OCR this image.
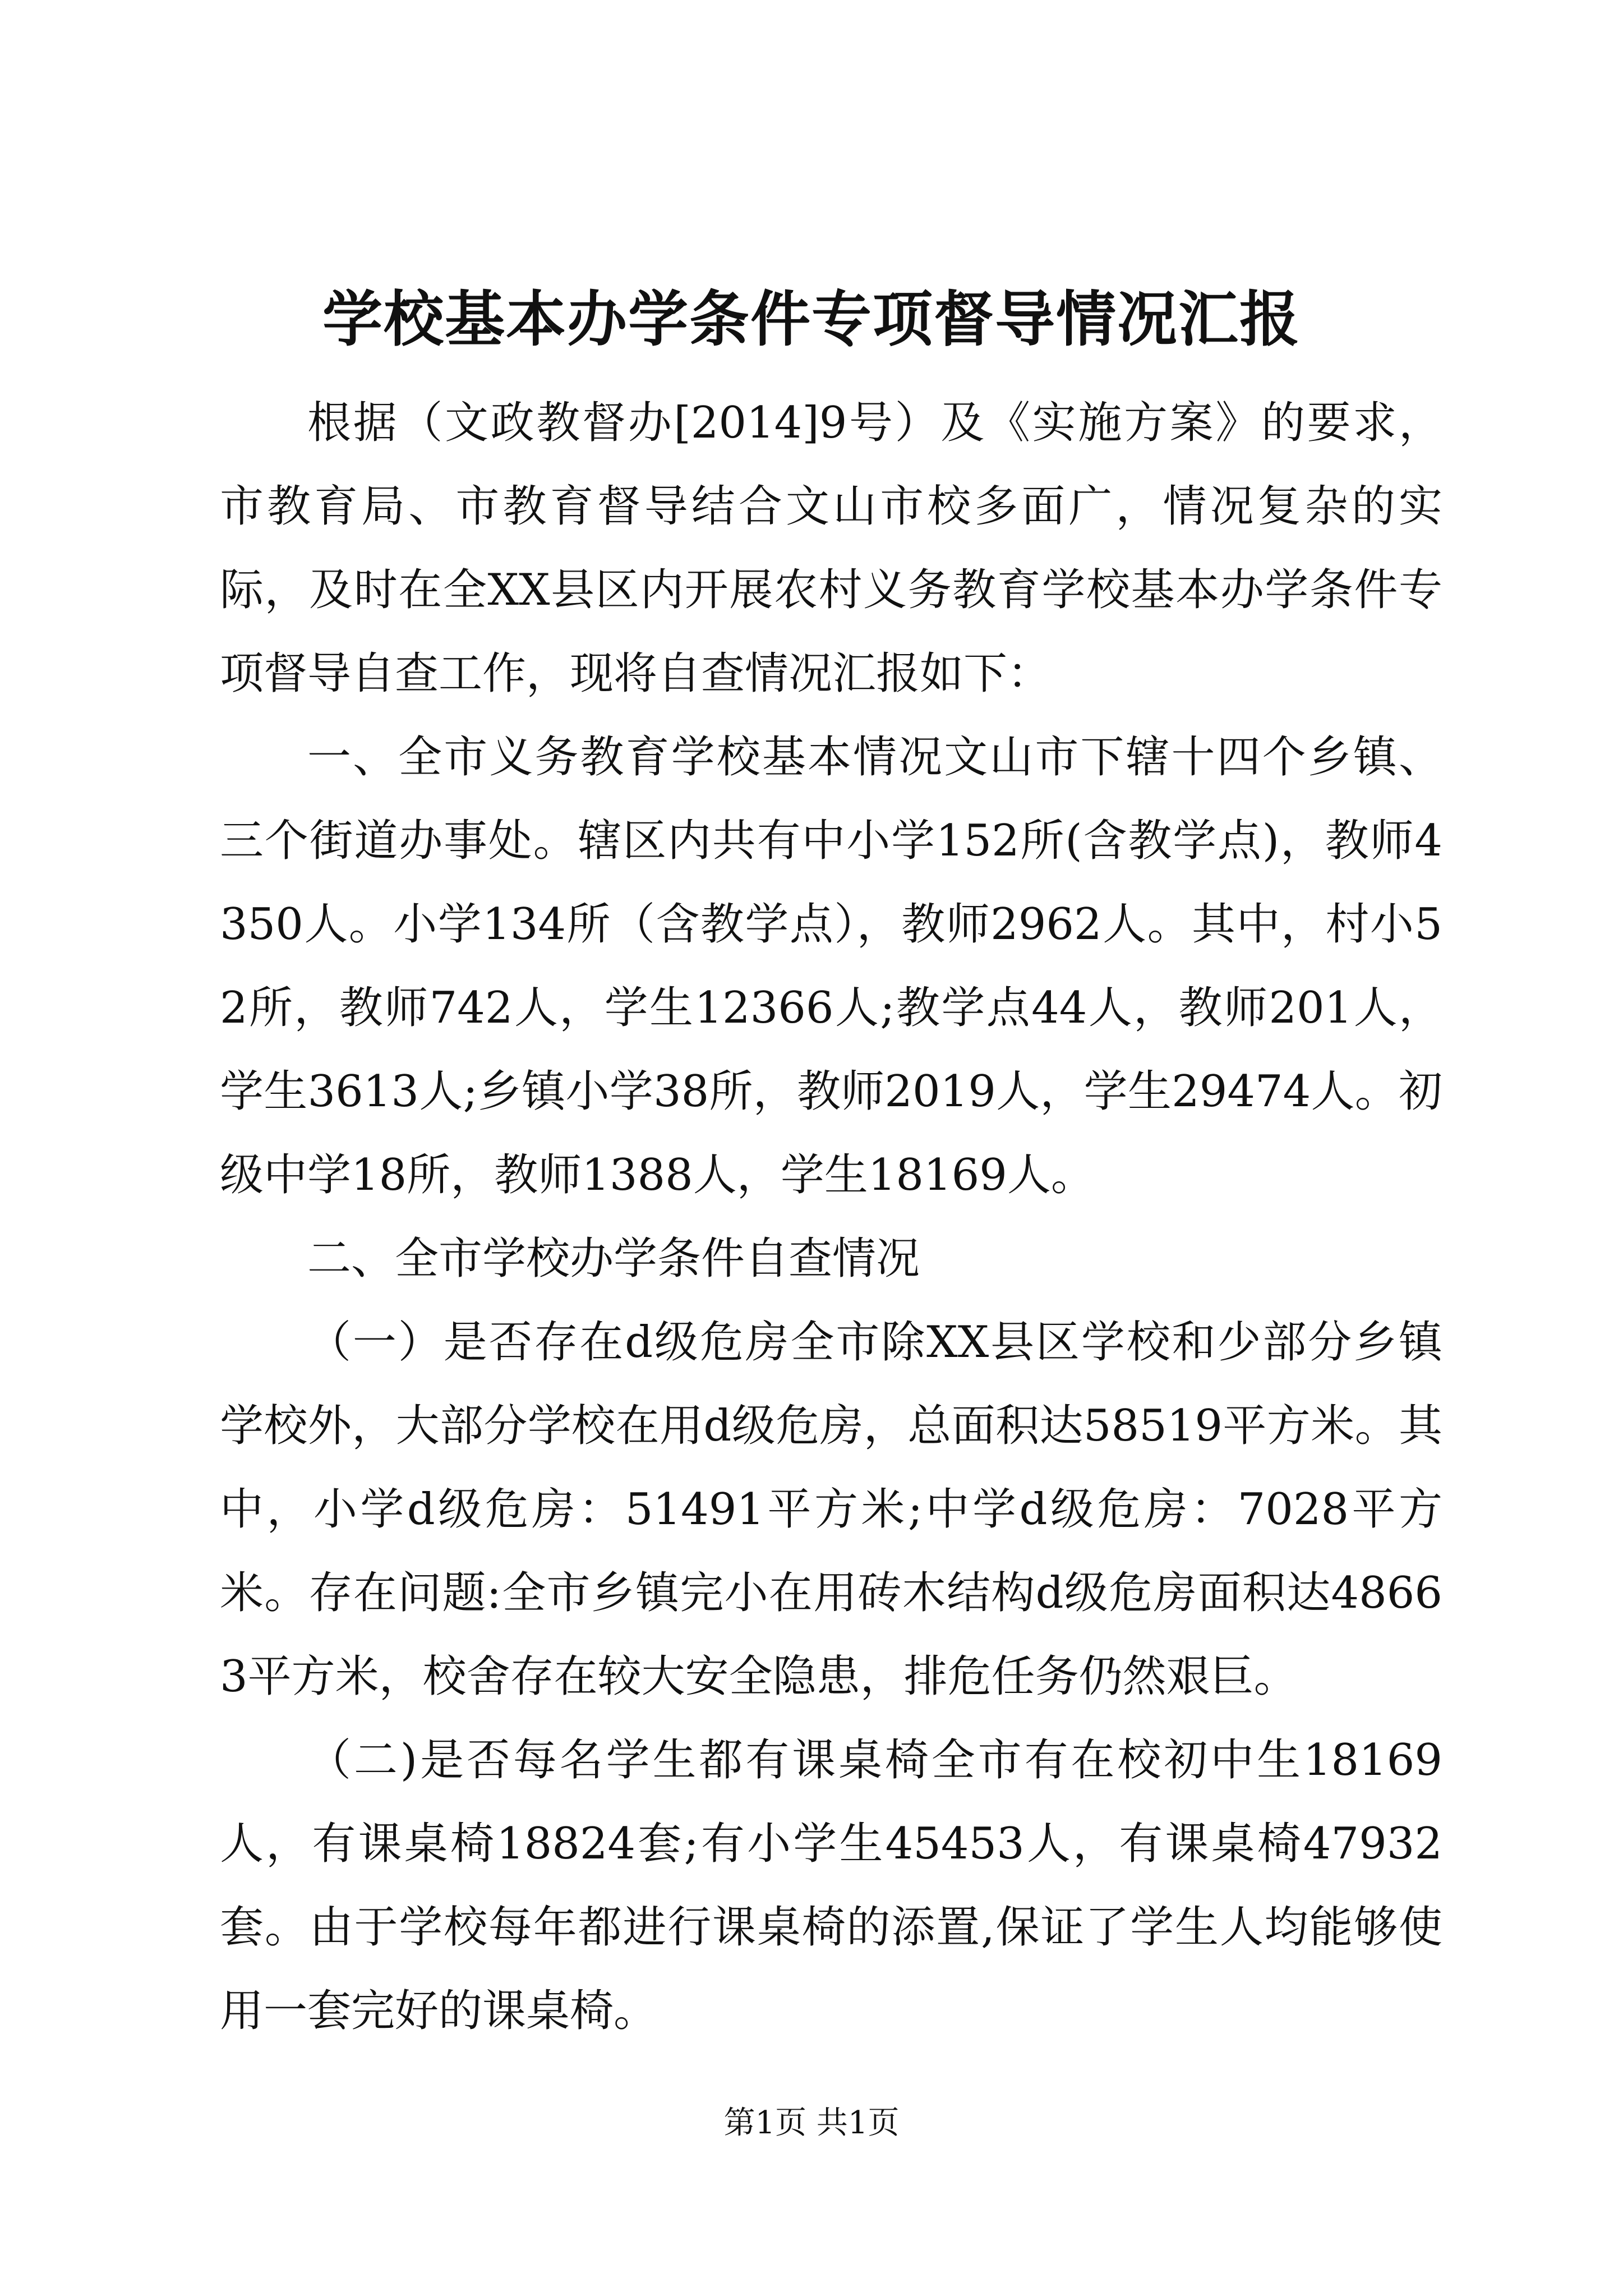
学校基本办学条件专项督导情况汇报

根据（文政教督办[2014]9号）及《实施方案》的要求，市教育局、市教育督导结合文山市校多面广，情况复杂的实际，及时在全XX县区内开展农村义务教育学校基本办学条件专项督导自查工作，现将自查情况汇报如下：

一、全市义务教育学校基本情况文山市下辖十四个乡镇、三个街道办事处。辖区内共有中小学152所(含教学点)，教师4350人。小学134所（含教学点），教师2962人。其中，村小52所，教师742人，学生12366人;教学点44人，教师201人，学生3613人;乡镇小学38所，教师2019人，学生29474人。初级中学18所，教师1388人，学生18169人。

二、全市学校办学条件自查情况

（一）是否存在d级危房全市除XX县区学校和少部分乡镇学校外，大部分学校在用d级危房，总面积达58519平方米。其中，小学d级危房：51491平方米;中学d级危房：7028平方米。存在问题:全市乡镇完小在用砖木结构d级危房面积达48663平方米，校舍存在较大安全隐患，排危任务仍然艰巨。

（二)是否每名学生都有课桌椅全市有在校初中生18169人，有课桌椅18824套;有小学生45453人，有课桌椅47932套。由于学校每年都进行课桌椅的添置,保证了学生人均能够使用一套完好的课桌椅。

第1页 共1页
